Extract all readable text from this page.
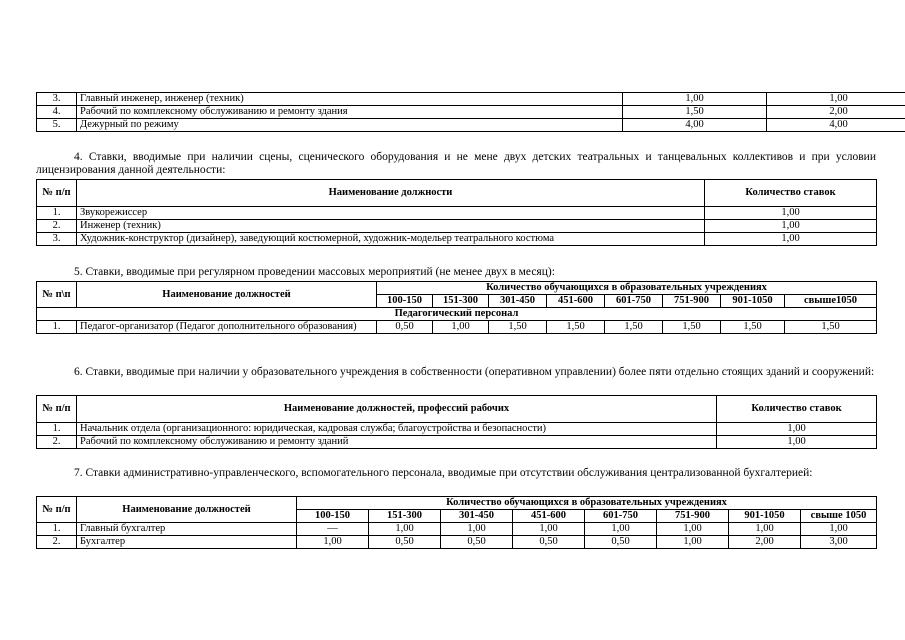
3.	Главный инженер, инженер (техник)	1,00	1,00
4.	Рабочий по комплексному обслуживанию и ремонту здания	1,50	2,00
5.	Дежурный по режиму	4,00	4,00
4. Ставки, вводимые при наличии сцены, сценического оборудования и не мене двух детских театральных и танцевальных коллективов и при условии лицензирования данной деятельности:
№ п/п	Наименование должности	Количество ставок
1.	Звукорежиссер	1,00
2.	Инженер (техник)	1,00
3.	Художник-конструктор (дизайнер), заведующий костюмерной, художник-модельер театрального костюма	1,00
5. Ставки, вводимые при регулярном проведении массовых мероприятий (не менее двух в месяц):
№ п\п	Наименование должностей	Количество обучающихся в образовательных учреждениях							
		100-150	151-300	301-450	451-600	601-750	751-900	901-1050	свыше1050
Педагогический персонал									
1.	Педагог-организатор (Педагог дополнительного образования)	0,50	1,00	1,50	1,50	1,50	1,50	1,50	1,50
6. Ставки, вводимые при наличии у образовательного учреждения в собственности (оперативном управлении) более пяти отдельно стоящих зданий и сооружений:
№ п/п	Наименование должностей, профессий рабочих	Количество ставок
1.	Начальник отдела (организационного: юридическая, кадровая служба; благоустройства и безопасности)	1,00
2.	Рабочий по комплексному обслуживанию и ремонту зданий	1,00
7. Ставки административно-управленческого, вспомогательного персонала, вводимые при отсутствии обслуживания централизованной бухгалтерией:
№ п/п	Наименование должностей	Количество обучающихся в образовательных учреждениях							
		100-150	151-300	301-450	451-600	601-750	751-900	901-1050	свыше 1050
1.	Главный бухгалтер	—	1,00	1,00	1,00	1,00	1,00	1,00	1,00
2.	Бухгалтер	1,00	0,50	0,50	0,50	0,50	1,00	2,00	3,00
